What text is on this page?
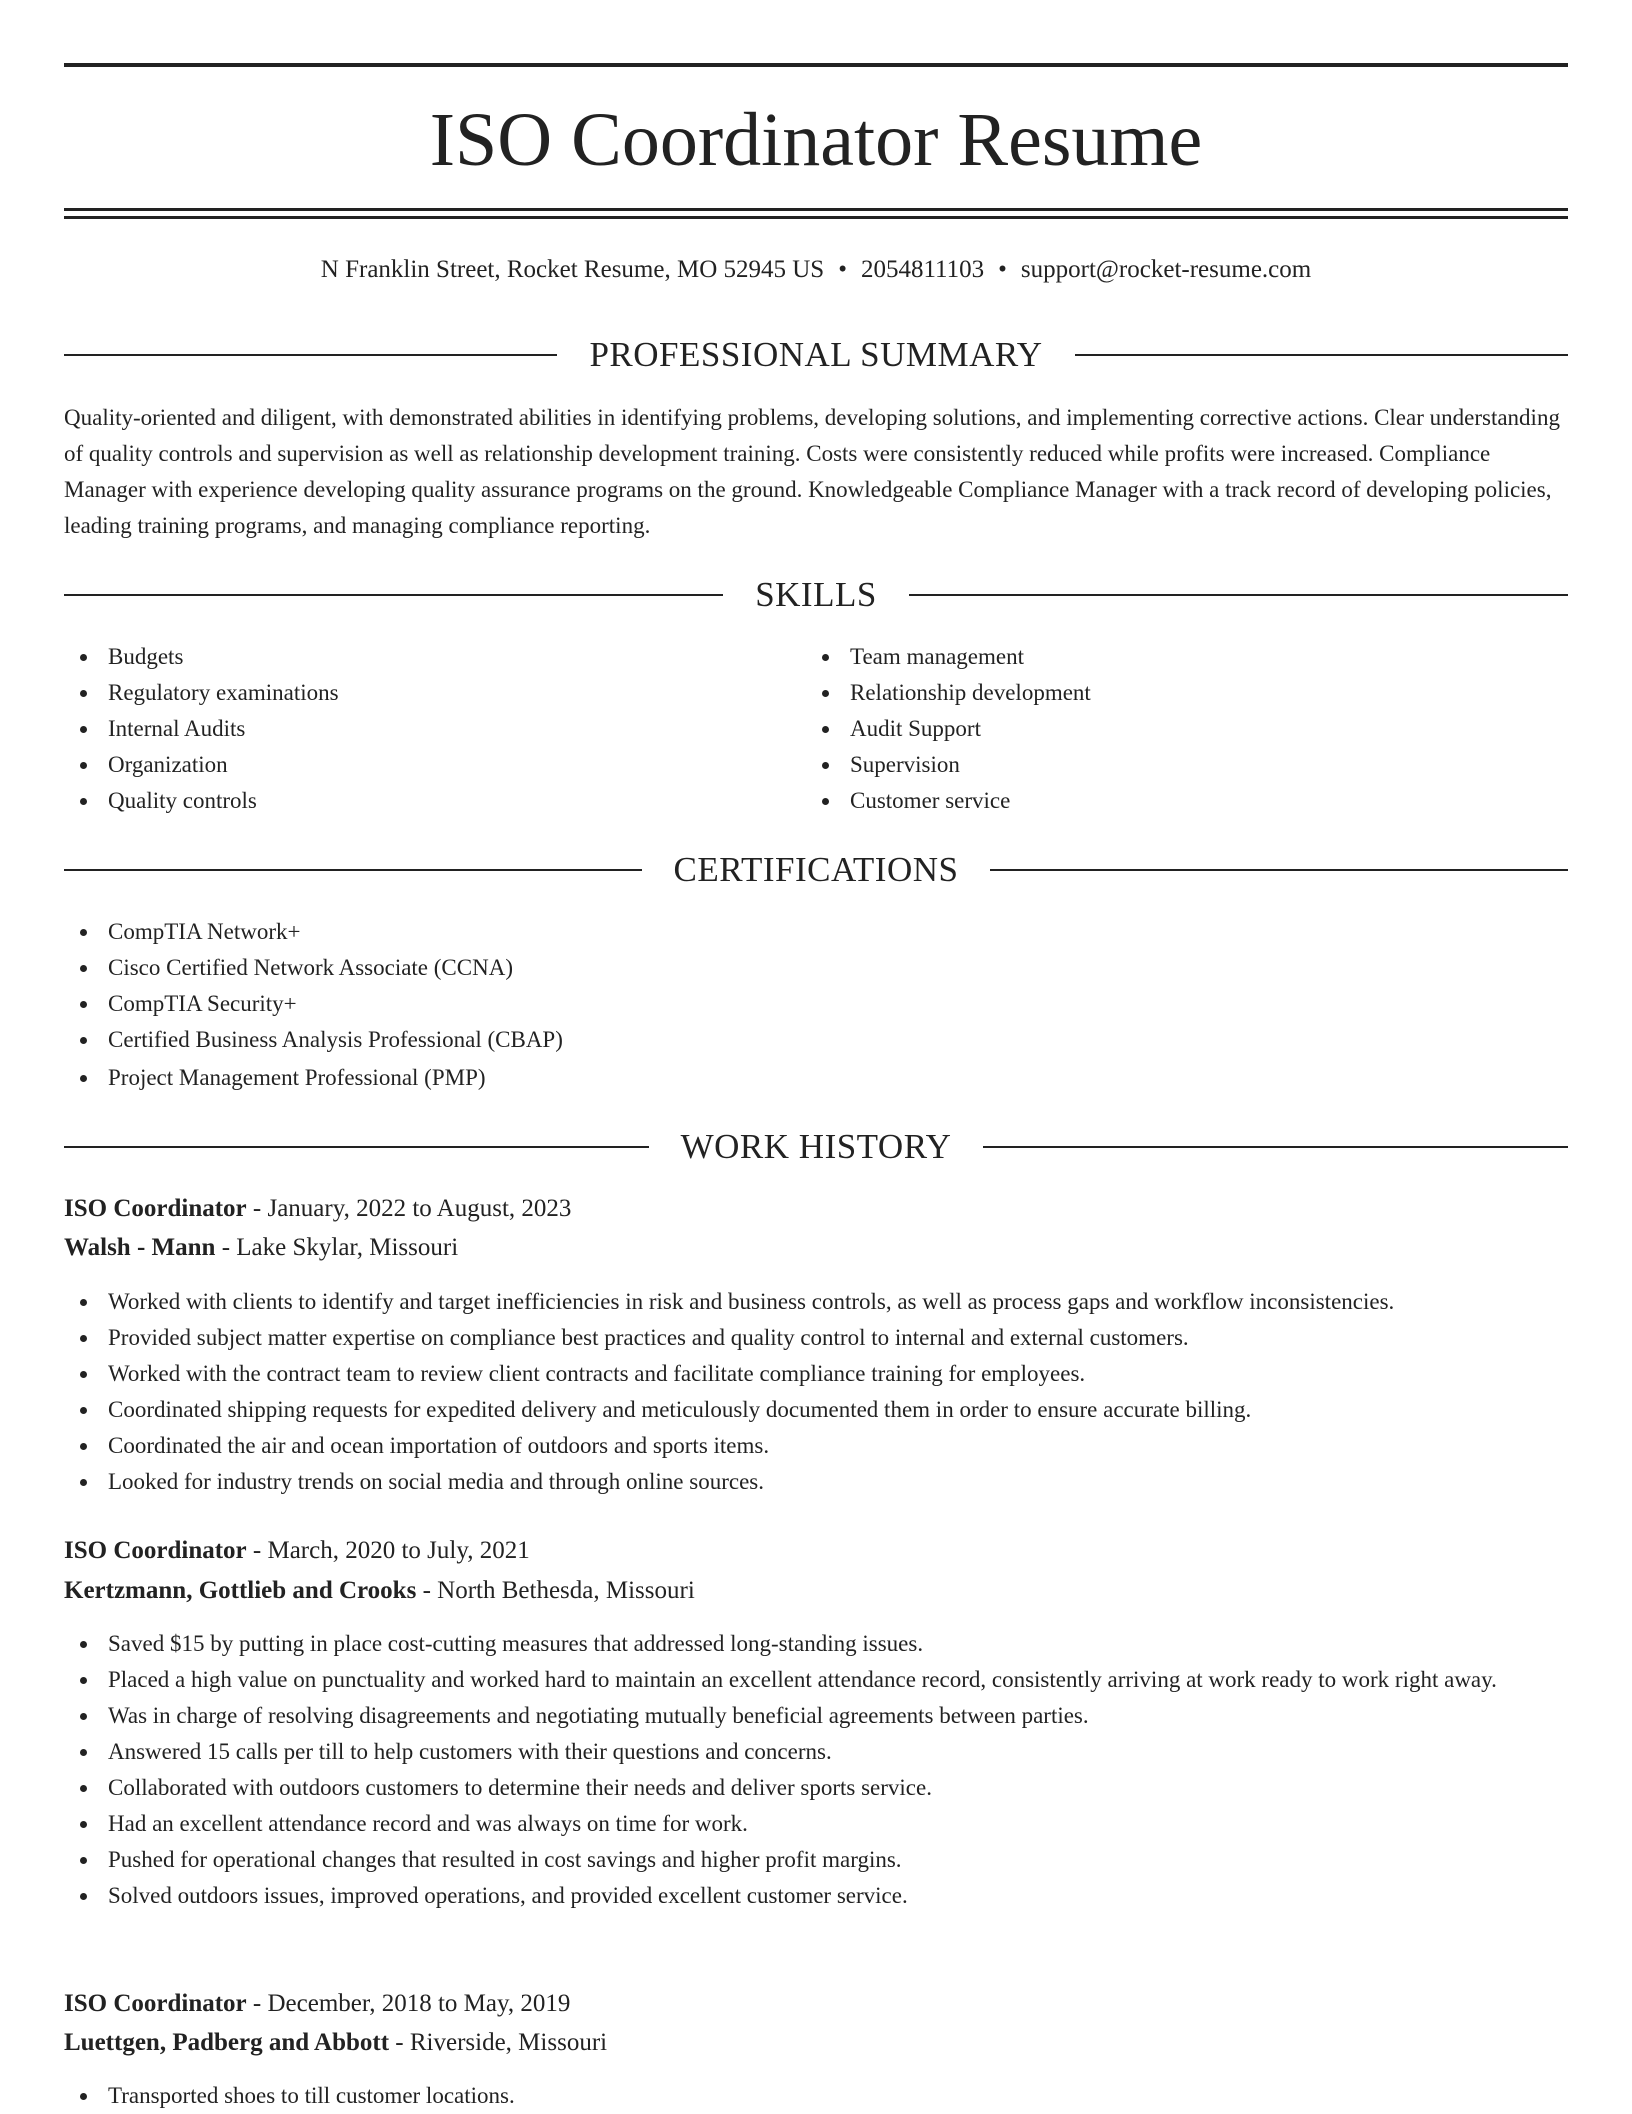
ISO Coordinator Resume
N Franklin Street, Rocket Resume, MO 52945 US • 2054811103 • support@rocket-resume.com
PROFESSIONAL SUMMARY

Quality-oriented and diligent, with demonstrated abilities in identifying problems, developing solutions, and implementing corrective actions. Clear understanding of quality controls and supervision as well as relationship development training. Costs were consistently reduced while profits were increased. Compliance Manager with experience developing quality assurance programs on the ground. Knowledgeable Compliance Manager with a track record of developing policies, leading training programs, and managing compliance reporting.

SKILLS
Budgets
Regulatory examinations
Internal Audits
Organization
Quality controls
Team management
Relationship development
Audit Support
Supervision
Customer service
CERTIFICATIONS
CompTIA Network+
Cisco Certified Network Associate (CCNA)
CompTIA Security+
Certified Business Analysis Professional (CBAP)
Project Management Professional (PMP)
WORK HISTORY
ISO Coordinator - January, 2022 to August, 2023
Walsh - Mann - Lake Skylar, Missouri
Worked with clients to identify and target inefficiencies in risk and business controls, as well as process gaps and workflow inconsistencies.
Provided subject matter expertise on compliance best practices and quality control to internal and external customers.
Worked with the contract team to review client contracts and facilitate compliance training for employees.
Coordinated shipping requests for expedited delivery and meticulously documented them in order to ensure accurate billing.
Coordinated the air and ocean importation of outdoors and sports items.
Looked for industry trends on social media and through online sources.
ISO Coordinator - March, 2020 to July, 2021
Kertzmann, Gottlieb and Crooks - North Bethesda, Missouri
Saved $15 by putting in place cost-cutting measures that addressed long-standing issues.
Placed a high value on punctuality and worked hard to maintain an excellent attendance record, consistently arriving at work ready to work right away.
Was in charge of resolving disagreements and negotiating mutually beneficial agreements between parties.
Answered 15 calls per till to help customers with their questions and concerns.
Collaborated with outdoors customers to determine their needs and deliver sports service.
Had an excellent attendance record and was always on time for work.
Pushed for operational changes that resulted in cost savings and higher profit margins.
Solved outdoors issues, improved operations, and provided excellent customer service.
ISO Coordinator - December, 2018 to May, 2019
Luettgen, Padberg and Abbott - Riverside, Missouri
Transported shoes to till customer locations.
